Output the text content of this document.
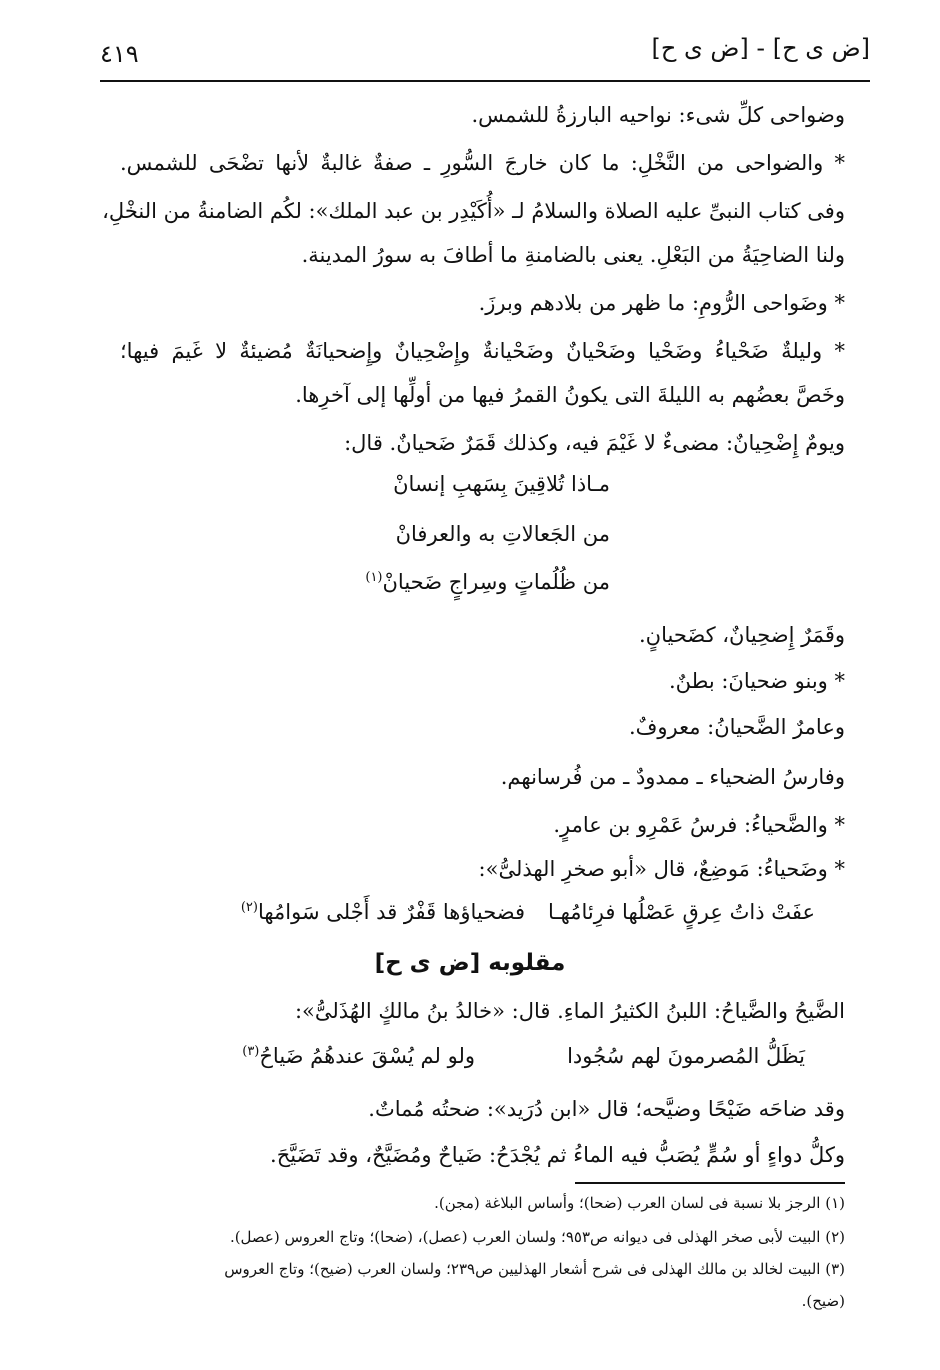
٤١٩	[ض ى ح] - [ض ى ح]
وضواحى كلِّ شىء: نواحيه البارزةُ للشمس.
* والضواحى من النَّخْلِ: ما كان خارجَ السُّورِ ـ صفةٌ غالبةٌ لأنها تضْحَى للشمس.
وفى كتاب النبىِّ عليه الصلاة والسلامُ لـ «أُكَيْدِر بن عبد الملك»: لكُم الضامنةُ من النخْلِ،
ولنا الضاحِيَةُ من البَعْلِ. يعنى بالضامنةِ ما أطافَ به سورُ المدينة.
* وضَواحى الرُّومِ: ما ظهر من بلادهم وبرزَ.
* وليلةٌ ضَحْياءُ وضَحْيا وضَحْيانٌ وضَحْيانةٌ وإِضْحِيانٌ وإِضحيانَةٌ مُضيئةٌ لا غَيمَ فيها؛
وخَصَّ بعضُهم به الليلةَ التى يكونُ القمرُ فيها من أولِّها إلى آخرِها.
ويومٌ إِضْحِيانٌ: مضىءٌ لا غَيْمَ فيه، وكذلك قَمَرٌ ضَحيانٌ. قال:
مـاذا تُلاقِينَ بِسَهبِ إنسانْ
من الجَعالاتِ به والعرفانْ
من ظُلُماتٍ وسِراجٍ ضَحيانْ$^{(١)}$
وقَمَرٌ إِضحِيانٌ، كضَحيانٍ.
* وبنو ضحيانَ: بطنٌ.
وعامرٌ الضَّحيانُ: معروفٌ.
وفارسُ الضحياء ـ ممدودٌ ـ من فُرسانهم.
* والضَّحياءُ: فرسُ عَمْرِو بن عامرٍ.
* وضَحياءُ: مَوضِعٌ، قال «أبو صخرِ الهذلىُّ»:
عفَتْ ذاتُ عِرقٍ عَصْلُها فرِئامُهـا
فضحياؤها قَفْرٌ قد أَجْلى سَوامُها$^{(٢)}$
مقلوبه [ض ى ح]
الضَّيحُ والضَّياحُ: اللبنُ الكثيرُ الماءِ. قال: «خالدُ بنُ مالكٍ الهُذَلىُّ»:
يَظَلُّ المُصرمونَ لهم سُجُودا
ولو لم يُسْقَ عندهُمُ ضَياحُ$^{(٣)}$
وقد ضاحَه ضَيْحًا وضيَّحه؛ قال «ابن دُرَيد»: ضحتُه مُماتٌ.
وكلُّ دواءٍ أو سُمٍّ يُصَبُّ فيه الماءُ ثم يُجْدَحُ: ضَياحٌ ومُضَيَّحٌ، وقد تَضَيَّحَ.
(١) الرجز بلا نسبة فى لسان العرب (ضحا)؛ وأساس البلاغة (مجن).
(٢) البيت لأبى صخر الهذلى فى ديوانه ص٩٥٣؛ ولسان العرب (عصل)، (ضحا)؛ وتاج العروس (عصل).
(٣) البيت لخالد بن مالك الهذلى فى شرح أشعار الهذليين ص٢٣٩؛ ولسان العرب (ضيح)؛ وتاج العروس
(ضيح).
